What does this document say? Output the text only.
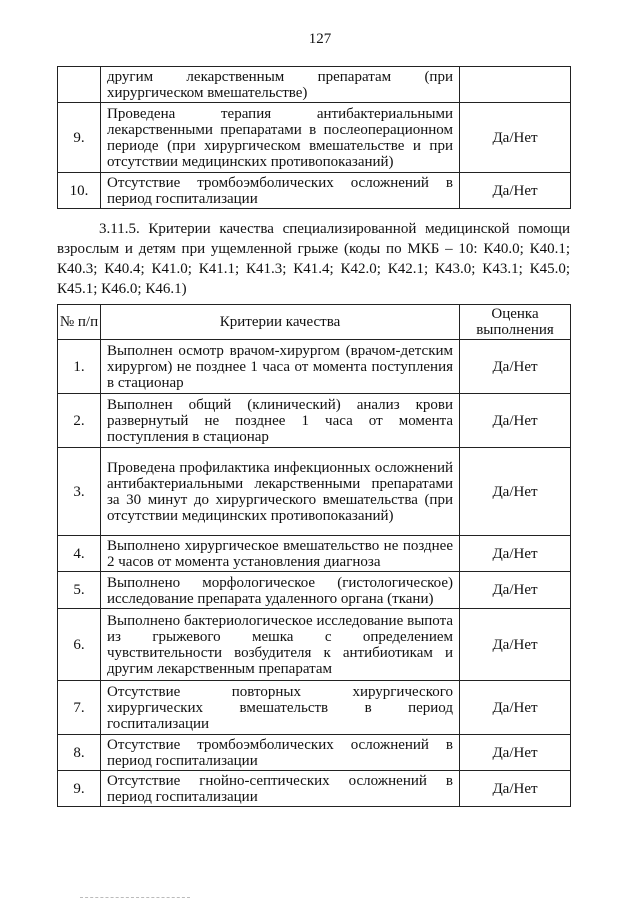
127
	другим лекарственным препаратам (при хирургическом вмешательстве)	
9.	Проведена терапия антибактериальными лекарственными препаратами в послеоперационном периоде (при хирургическом вмешательстве и при отсутствии медицинских противопоказаний)	Да/Нет
10.	Отсутствие тромбоэмболических осложнений в период госпитализации	Да/Нет
3.11.5. Критерии качества специализированной медицинской помощи взрослым и детям при ущемленной грыже (коды по МКБ – 10: К40.0; К40.1; К40.3; К40.4; К41.0; К41.1; К41.3; К41.4; К42.0; К42.1; К43.0; К43.1; К45.0; К45.1; К46.0; К46.1)
№ п/п	Критерии качества	Оценка выполнения
1.	Выполнен осмотр врачом-хирургом (врачом-детским хирургом) не позднее 1 часа от момента поступления в стационар	Да/Нет
2.	Выполнен общий (клинический) анализ крови развернутый не позднее 1 часа от момента поступления в стационар	Да/Нет
3.	Проведена профилактика инфекционных осложнений антибактериальными лекарственными препаратами за 30 минут до хирургического вмешательства (при отсутствии медицинских противопоказаний)	Да/Нет
4.	Выполнено хирургическое вмешательство не позднее 2 часов от момента установления диагноза	Да/Нет
5.	Выполнено морфологическое (гистологическое) исследование препарата удаленного органа (ткани)	Да/Нет
6.	Выполнено бактериологическое исследование выпота из грыжевого мешка с определением чувствительности возбудителя к антибиотикам и другим лекарственным препаратам	Да/Нет
7.	Отсутствие повторных хирургического хирургических вмешательств в период госпитализации	Да/Нет
8.	Отсутствие тромбоэмболических осложнений в период госпитализации	Да/Нет
9.	Отсутствие гнойно-септических осложнений в период госпитализации	Да/Нет
